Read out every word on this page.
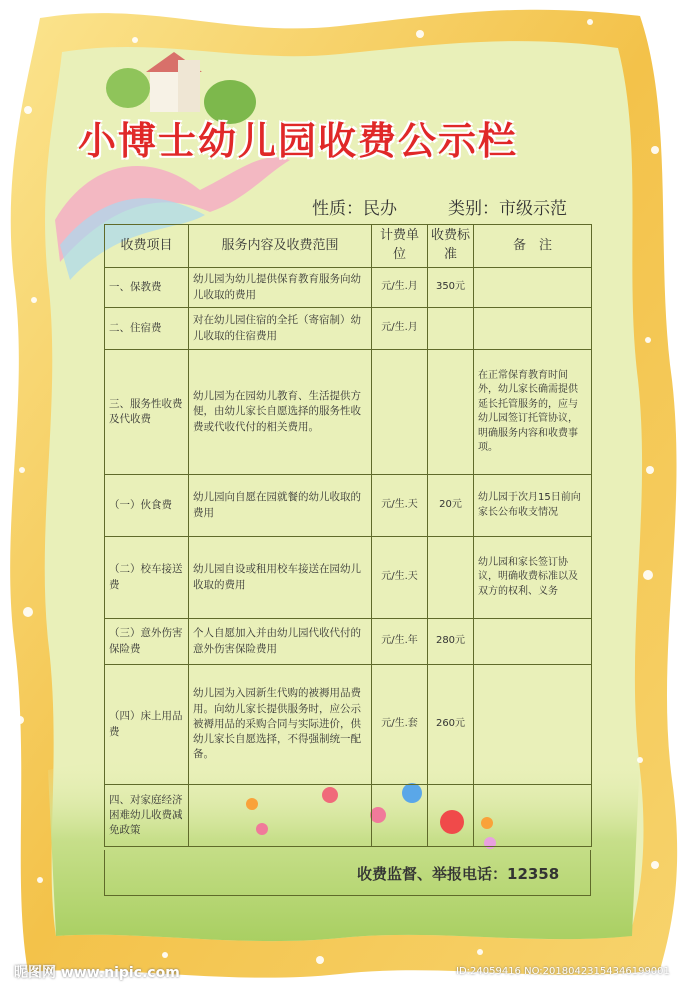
小博士幼儿园收费公示栏
性质：民办	类别：市级示范
收费项目	服务内容及收费范围	计费单位	收费标准	备　注
一、保教费	幼儿园为幼儿提供保育教育服务向幼儿收取的费用	元/生.月	350元	
二、住宿费	对在幼儿园住宿的全托（寄宿制）幼儿收取的住宿费用	元/生.月		
三、服务性收费及代收费	幼儿园为在园幼儿教育、生活提供方便，由幼儿家长自愿选择的服务性收费或代收代付的相关费用。			在正常保育教育时间外，幼儿家长确需提供延长托管服务的，应与幼儿园签订托管协议，明确服务内容和收费事项。
（一）伙食费	幼儿园向自愿在园就餐的幼儿收取的费用	元/生.天	20元	幼儿园于次月15日前向家长公布收支情况
（二）校车接送费	幼儿园自设或租用校车接送在园幼儿收取的费用	元/生.天		幼儿园和家长签订协议，明确收费标准以及双方的权利、义务
（三）意外伤害保险费	个人自愿加入并由幼儿园代收代付的意外伤害保险费用	元/生.年	280元	
（四）床上用品费	幼儿园为入园新生代购的被褥用品费用。向幼儿家长提供服务时，应公示被褥用品的采购合同与实际进价，供幼儿家长自愿选择，不得强制统一配备。	元/生.套	260元	
四、对家庭经济困难幼儿收费减免政策				
收费监督、举报电话：12358
昵图网 www.nipic.com	ID:24059416 NO:20180423154346199001
